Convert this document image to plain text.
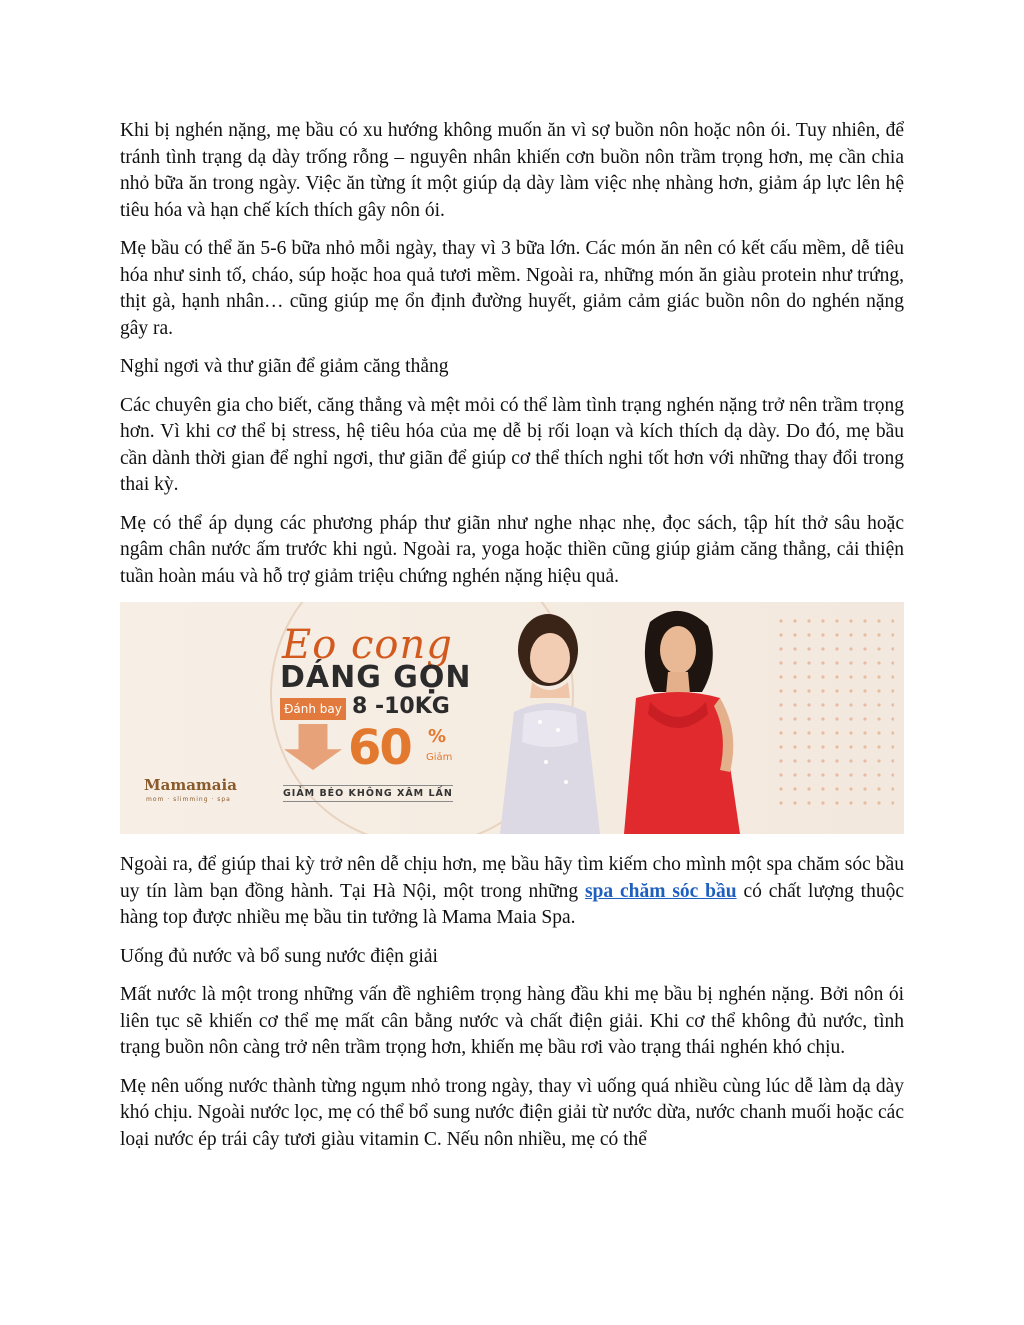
Khi bị nghén nặng, mẹ bầu có xu hướng không muốn ăn vì sợ buồn nôn hoặc nôn ói. Tuy nhiên, để tránh tình trạng dạ dày trống rỗng – nguyên nhân khiến cơn buồn nôn trầm trọng hơn, mẹ cần chia nhỏ bữa ăn trong ngày. Việc ăn từng ít một giúp dạ dày làm việc nhẹ nhàng hơn, giảm áp lực lên hệ tiêu hóa và hạn chế kích thích gây nôn ói.

Mẹ bầu có thể ăn 5-6 bữa nhỏ mỗi ngày, thay vì 3 bữa lớn. Các món ăn nên có kết cấu mềm, dễ tiêu hóa như sinh tố, cháo, súp hoặc hoa quả tươi mềm. Ngoài ra, những món ăn giàu protein như trứng, thịt gà, hạnh nhân… cũng giúp mẹ ổn định đường huyết, giảm cảm giác buồn nôn do nghén nặng gây ra.

Nghỉ ngơi và thư giãn để giảm căng thẳng

Các chuyên gia cho biết, căng thẳng và mệt mỏi có thể làm tình trạng nghén nặng trở nên trầm trọng hơn. Vì khi cơ thể bị stress, hệ tiêu hóa của mẹ dễ bị rối loạn và kích thích dạ dày. Do đó, mẹ bầu cần dành thời gian để nghỉ ngơi, thư giãn để giúp cơ thể thích nghi tốt hơn với những thay đổi trong thai kỳ.

Mẹ có thể áp dụng các phương pháp thư giãn như nghe nhạc nhẹ, đọc sách, tập hít thở sâu hoặc ngâm chân nước ấm trước khi ngủ. Ngoài ra, yoga hoặc thiền cũng giúp giảm căng thẳng, cải thiện tuần hoàn máu và hỗ trợ giảm triệu chứng nghén nặng hiệu quả.

Mamamaia
mom · slimming · spa
Eo cong
DÁNG GỌN
Đánh bay 8 -10KG
60 %
Giảm
GIẢM BÉO KHÔNG XÂM LẤN

Ngoài ra, để giúp thai kỳ trở nên dễ chịu hơn, mẹ bầu hãy tìm kiếm cho mình một spa chăm sóc bầu uy tín làm bạn đồng hành. Tại Hà Nội, một trong những spa chăm sóc bầu có chất lượng thuộc hàng top được nhiều mẹ bầu tin tưởng là Mama Maia Spa.

Uống đủ nước và bổ sung nước điện giải

Mất nước là một trong những vấn đề nghiêm trọng hàng đầu khi mẹ bầu bị nghén nặng. Bởi nôn ói liên tục sẽ khiến cơ thể mẹ mất cân bằng nước và chất điện giải. Khi cơ thể không đủ nước, tình trạng buồn nôn càng trở nên trầm trọng hơn, khiến mẹ bầu rơi vào trạng thái nghén khó chịu.

Mẹ nên uống nước thành từng ngụm nhỏ trong ngày, thay vì uống quá nhiều cùng lúc dễ làm dạ dày khó chịu. Ngoài nước lọc, mẹ có thể bổ sung nước điện giải từ nước dừa, nước chanh muối hoặc các loại nước ép trái cây tươi giàu vitamin C. Nếu nôn nhiều, mẹ có thể
